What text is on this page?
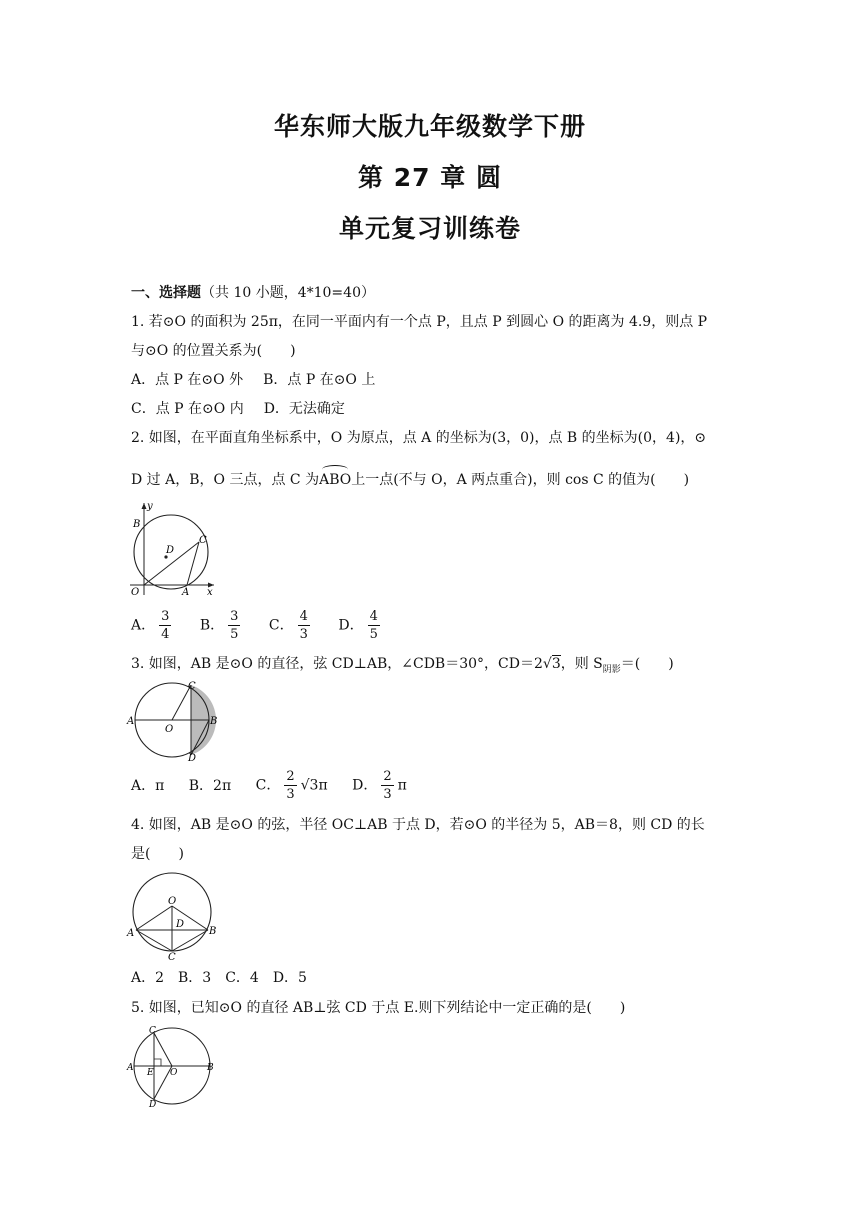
华东师大版九年级数学下册
第 27 章 圆
单元复习训练卷
一、选择题（共 10 小题，4*10=40）
1. 若⊙O 的面积为 25π，在同一平面内有一个点 P，且点 P 到圆心 O 的距离为 4.9，则点 P
与⊙O 的位置关系为(　　)
A．点 P 在⊙O 外 B．点 P 在⊙O 上
C．点 P 在⊙O 内 D．无法确定
2. 如图，在平面直角坐标系中，O 为原点，点 A 的坐标为(3，0)，点 B 的坐标为(0，4)，⊙
D 过 A，B，O 三点，点 C 为ABO上一点(不与 O，A 两点重合)，则 cos C 的值为(　　)
y
B
D
C
O	A x
A． $\frac{3}{4}$ B． $\frac{3}{5}$ C． $\frac{4}{3}$ D． $\frac{4}{5}$
3. 如图，AB 是⊙O 的直径，弦 CD⊥AB，∠CDB＝30°，CD＝2√3，则 $S_{阴影}=$(　　)
A	B
C
D
O
A．π B．2π C． $\frac{2}{3} √3\pi$ D． $\frac{2}{3}$ π
4. 如图，AB 是⊙O 的弦，半径 OC⊥AB 于点 D，若⊙O 的半径为 5，AB＝8，则 CD 的长
是(　　)
O
A	B
D
C
A．2　B．3　C．4　D．5
5. 如图，已知⊙O 的直径 AB⊥弦 CD 于点 E.则下列结论中一定正确的是(　　)
C
A E O	B
D
